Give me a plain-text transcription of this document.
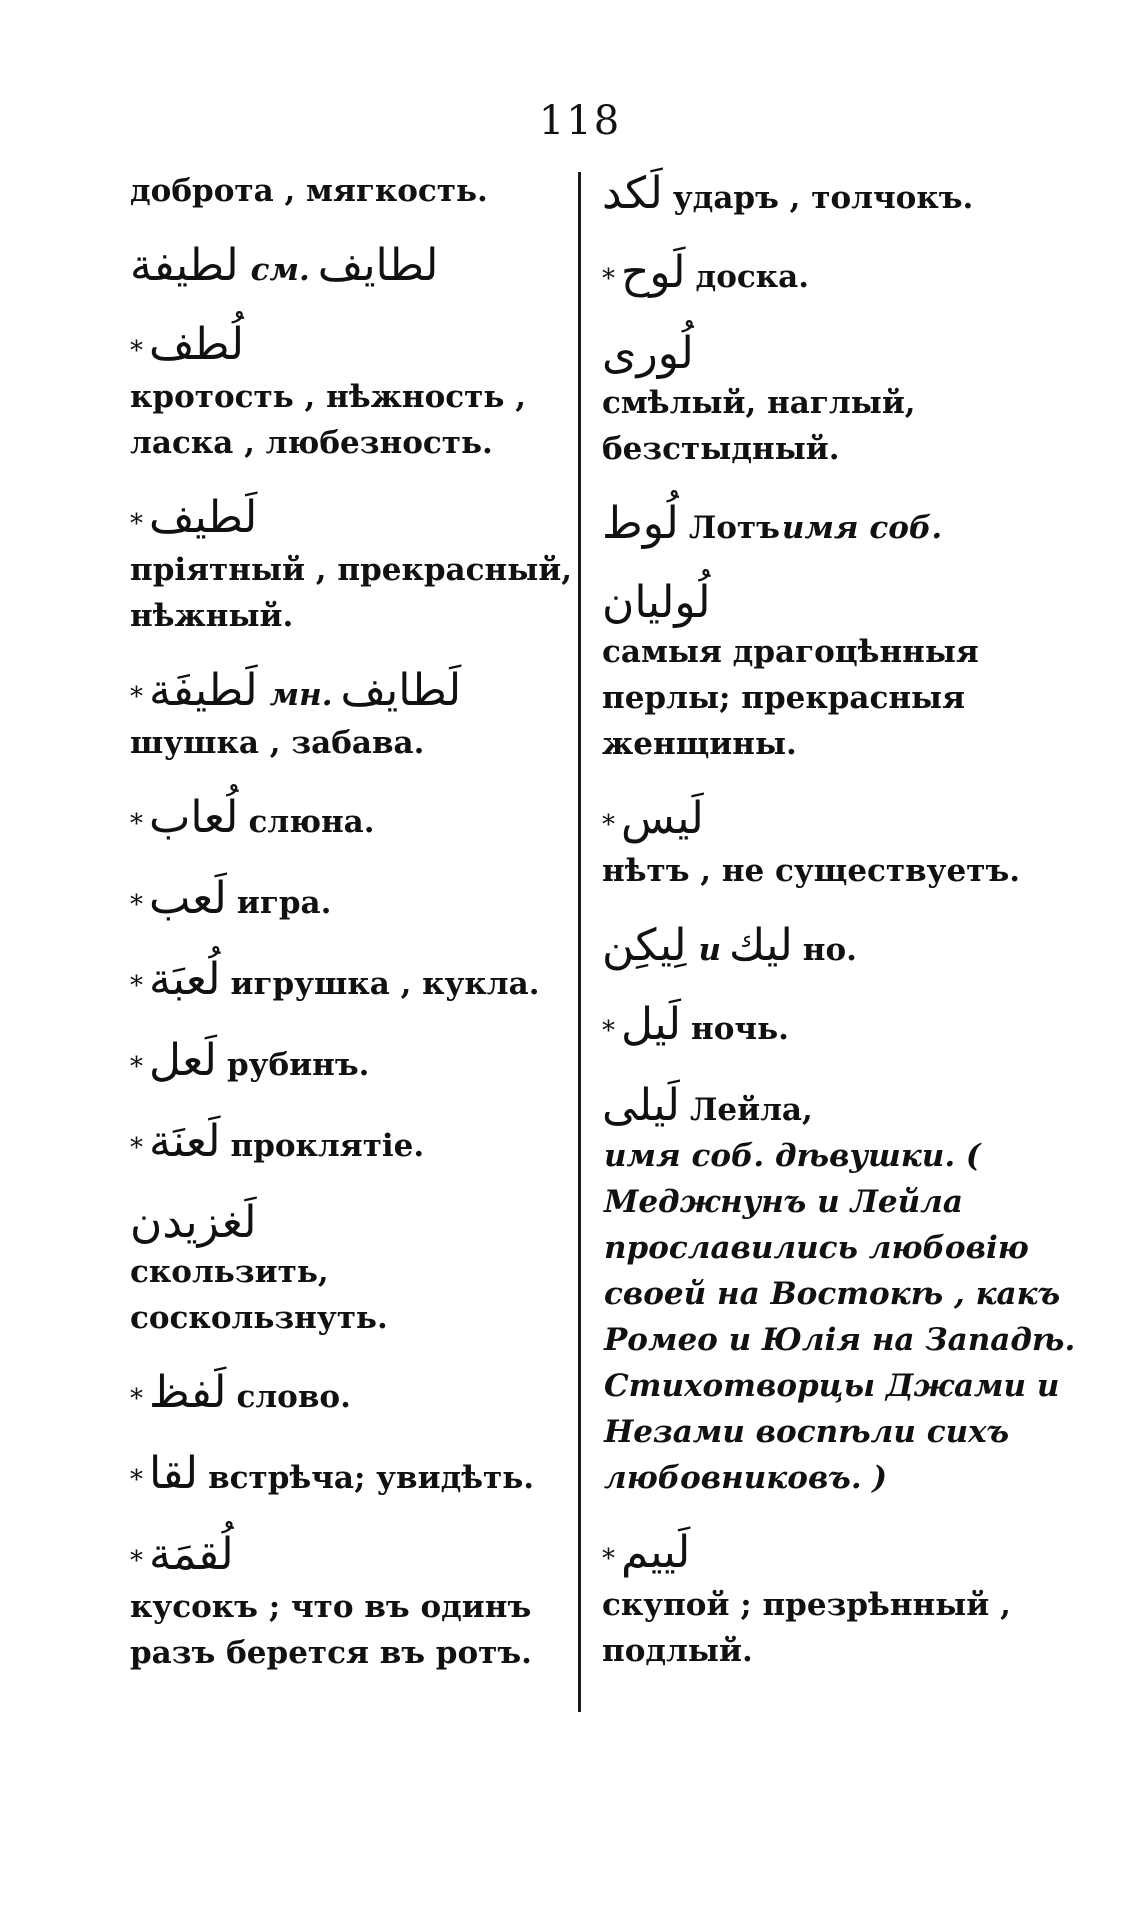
118
доброта , мягкость.
لطيفة см. لطايف
* لُطف
кротость , нѣжность , ласка , любезность.
* لَطيف
пріятный , прекрасный, нѣжный.
* لَطيفَة мн. لَطايف
шушка , забава.
* لُعاب слюна.
* لَعب игра.
* لُعبَة игрушка , кукла.
* لَعل рубинъ.
* لَعنَة проклятіе.
لَغزيدن
скользить, соскользнуть.
* لَفظ слово.
* لقا встрѣча; увидѣть.
* لُقمَة
кусокъ ; что въ одинъ разъ берется въ ротъ.
لَكد ударъ , толчокъ.
* لَوح доска.
لُورى
смѣлый, наглый, безстыдный.
لُوط Лотъ имя соб.
لُوليان
самыя драгоцѣнныя перлы; прекрасныя женщины.
* لَيس
нѣтъ , не существуетъ.
لِيكِن и ليك но.
* لَيل ночь.
لَيلى Лейла,
имя соб. дѣвушки. ( Меджнунъ и Лейла прославились любовію своей на Востокѣ , какъ Ромео и Юлія на Западѣ. Стихотворцы Джами и Незами воспѣли сихъ любовниковъ. )
* لَييم
скупой ; презрѣнный , подлый.
